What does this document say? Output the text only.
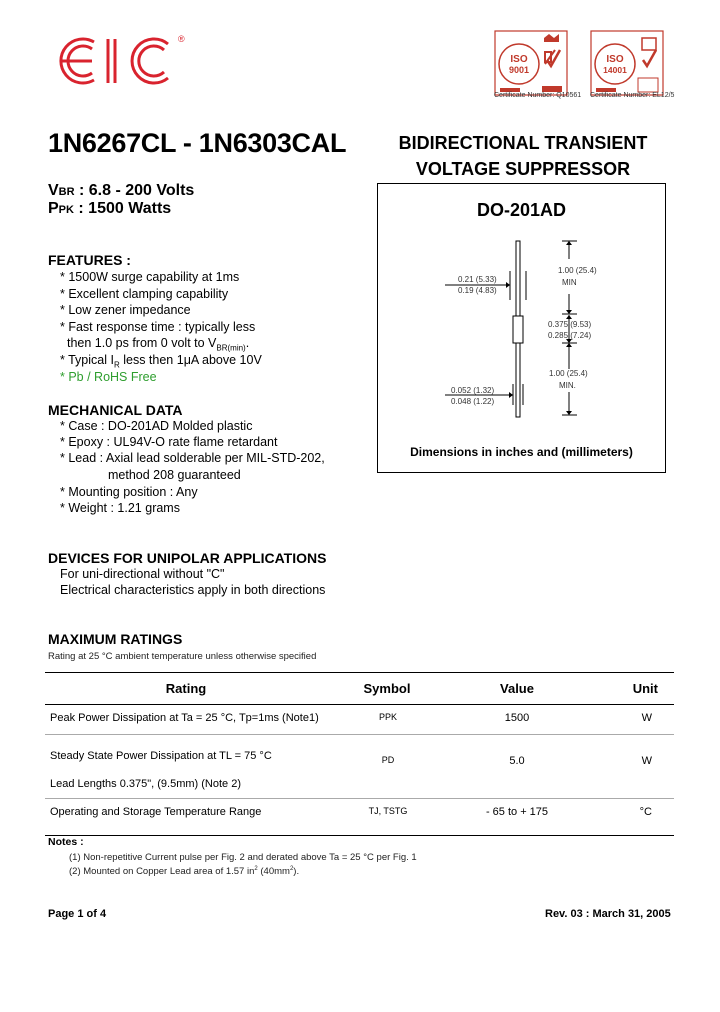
®
ISO
9001
Certificate Number: Q10561
ISO
14001
Certificate Number: EL12/5
1N6267CL - 1N6303CAL	BIDIRECTIONAL TRANSIENT
VOLTAGE SUPPRESSOR
VBR : 6.8 - 200 Volts
PPK : 1500 Watts
FEATURES :
* 1500W surge capability at 1ms
* Excellent clamping capability
* Low zener impedance
* Fast response time : typically less
then 1.0 ps from 0 volt to $V_{BR(min)}$.
* Typical $I_R$ less then 1μA above 10V
* Pb / RoHS Free
MECHANICAL DATA
* Case : DO-201AD Molded plastic
* Epoxy : UL94V-O rate flame retardant
* Lead : Axial lead solderable per MIL-STD-202,
method 208 guaranteed
* Mounting position : Any
* Weight : 1.21 grams
DEVICES FOR UNIPOLAR APPLICATIONS
For uni-directional without "C"
Electrical characteristics apply in both directions
DO-201AD
1.00 (25.4)
MIN
0.21 (5.33)
0.19 (4.83)
0.375 (9.53)
0.285 (7.24)
1.00 (25.4)
MIN.
0.052 (1.32)
0.048 (1.22)
Dimensions in inches and (millimeters)
MAXIMUM RATINGS
Rating at 25 °C ambient temperature unless otherwise specified
Rating	Symbol	Value	Unit
Peak Power Dissipation at Ta = 25 °C, Tp=1ms (Note1)	PPK	1500	W
Steady State Power Dissipation at TL = 75 °C
Lead Lengths 0.375", (9.5mm) (Note 2)	PD	5.0	W
Operating and Storage Temperature Range	TJ, TSTG	- 65 to + 175	°C
Notes :
(1) Non-repetitive Current pulse per Fig. 2 and derated above Ta = 25 °C per Fig. 1
(2) Mounted on Copper Lead area of 1.57 $in^2$ $(40mm^2)$.
Page 1 of 4	Rev. 03 : March 31, 2005
